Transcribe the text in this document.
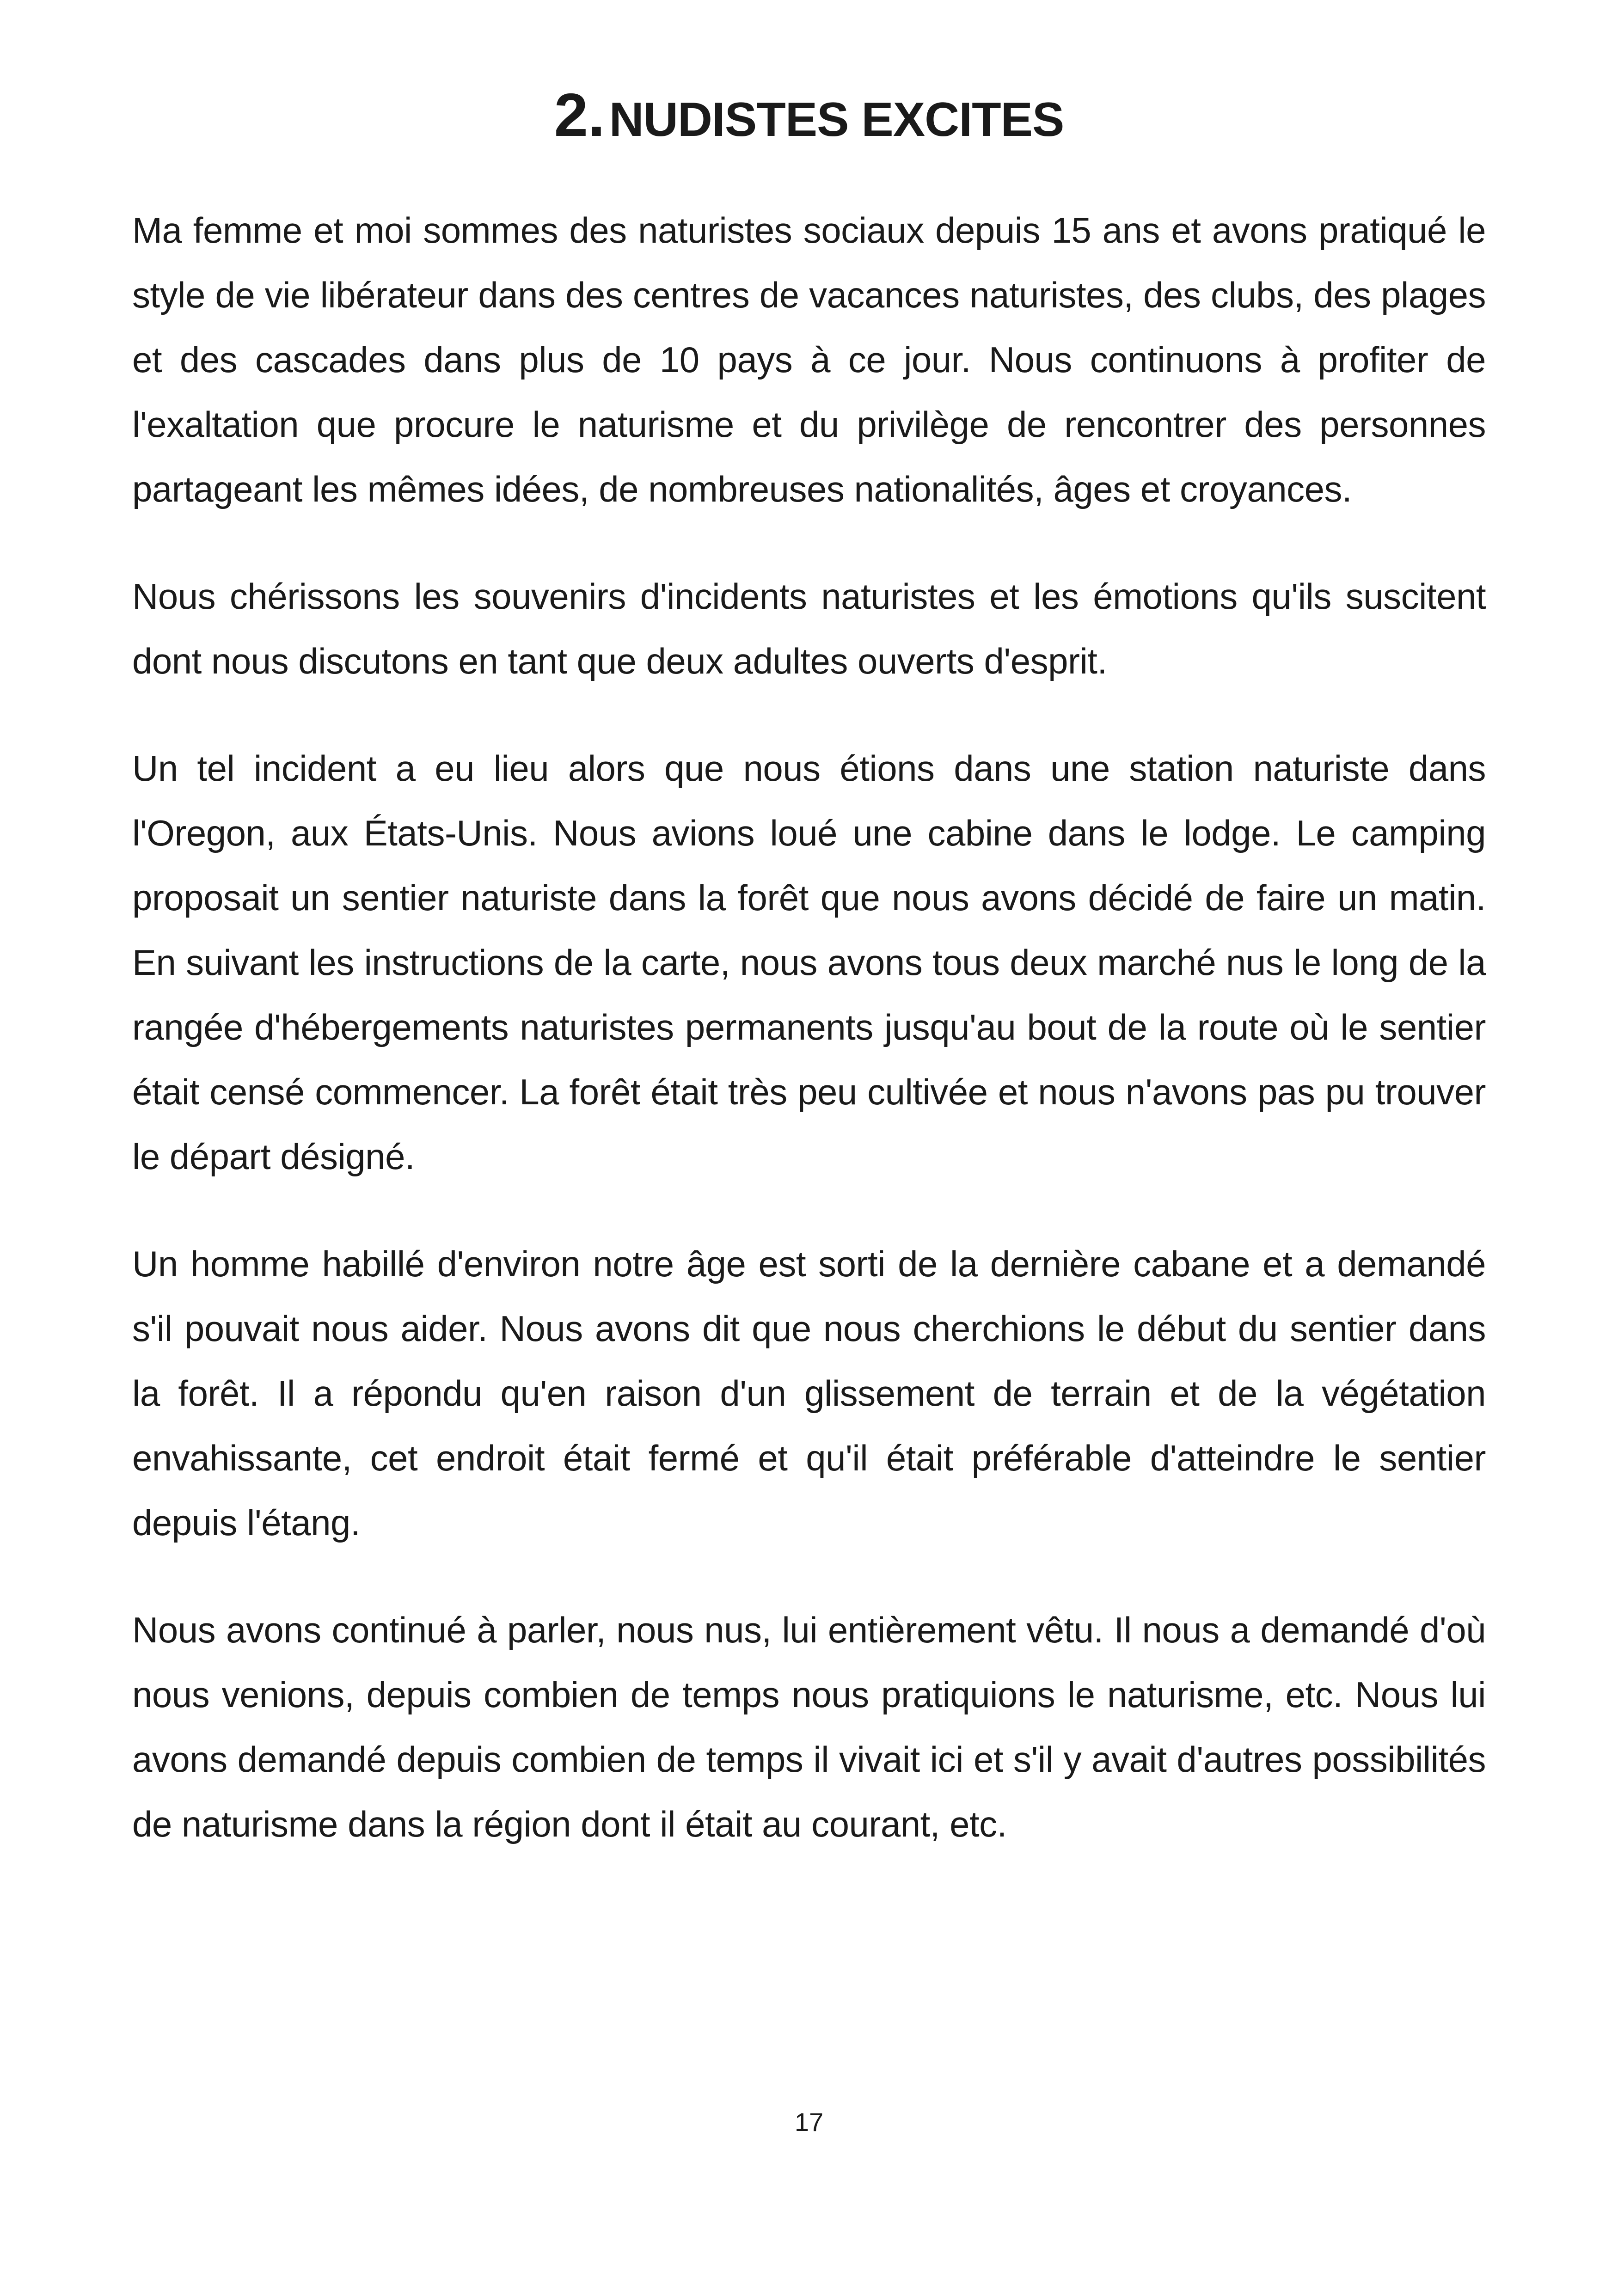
2. NUDISTES EXCITES

Ma femme et moi sommes des naturistes sociaux depuis 15 ans et avons pratiqué le style de vie libérateur dans des centres de vacances naturistes, des clubs, des plages et des cascades dans plus de 10 pays à ce jour. Nous continuons à profiter de l'exaltation que procure le naturisme et du privilège de rencontrer des personnes partageant les mêmes idées, de nombreuses nationalités, âges et croyances.

Nous chérissons les souvenirs d'incidents naturistes et les émotions qu'ils suscitent dont nous discutons en tant que deux adultes ouverts d'esprit.

Un tel incident a eu lieu alors que nous étions dans une station naturiste dans l'Oregon, aux États-Unis. Nous avions loué une cabine dans le lodge. Le camping proposait un sentier naturiste dans la forêt que nous avons décidé de faire un matin. En suivant les instructions de la carte, nous avons tous deux marché nus le long de la rangée d'hébergements naturistes permanents jusqu'au bout de la route où le sentier était censé commencer. La forêt était très peu cultivée et nous n'avons pas pu trouver le départ désigné.

Un homme habillé d'environ notre âge est sorti de la dernière cabane et a demandé s'il pouvait nous aider. Nous avons dit que nous cherchions le début du sentier dans la forêt. Il a répondu qu'en raison d'un glissement de terrain et de la végétation envahissante, cet endroit était fermé et qu'il était préférable d'atteindre le sentier depuis l'étang.

Nous avons continué à parler, nous nus, lui entièrement vêtu. Il nous a demandé d'où nous venions, depuis combien de temps nous pratiquions le naturisme, etc. Nous lui avons demandé depuis combien de temps il vivait ici et s'il y avait d'autres possibilités de naturisme dans la région dont il était au courant, etc.

17
